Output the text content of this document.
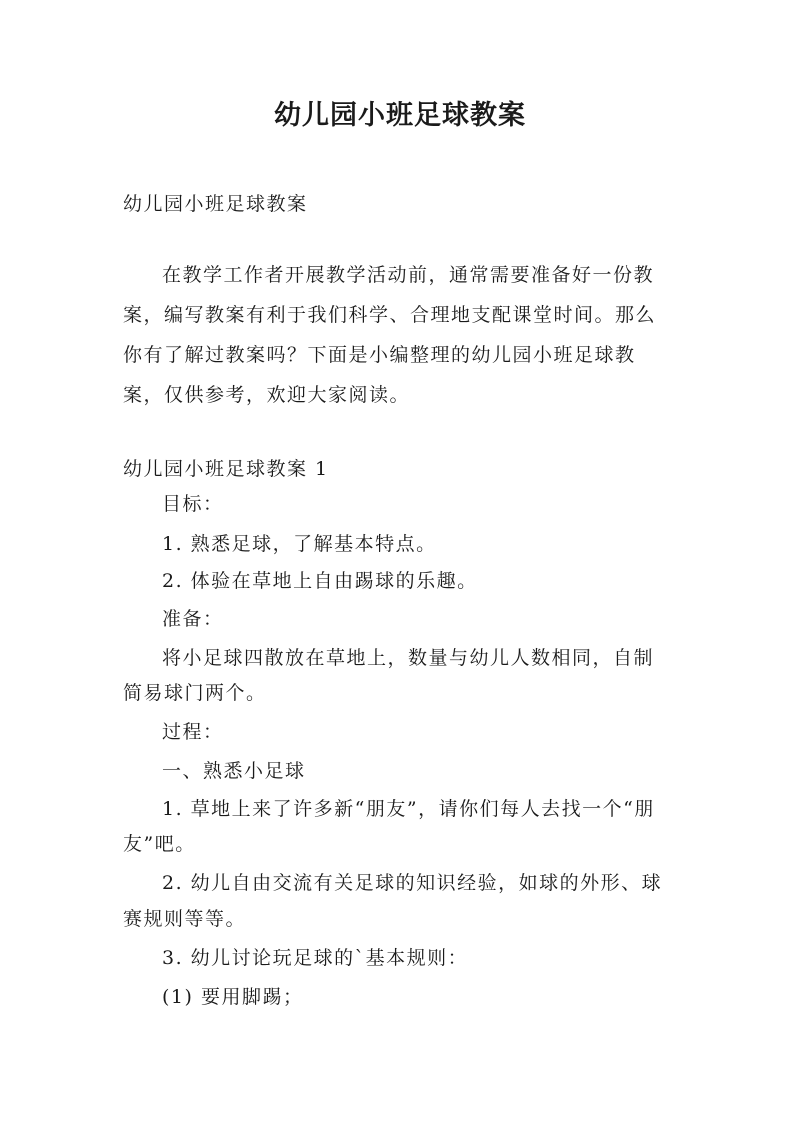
幼儿园小班足球教案

幼儿园小班足球教案

在教学工作者开展教学活动前，通常需要准备好一份教

案，编写教案有利于我们科学、合理地支配课堂时间。那么

你有了解过教案吗？下面是小编整理的幼儿园小班足球教

案，仅供参考，欢迎大家阅读。

幼儿园小班足球教案 1

目标：

1. 熟悉足球，了解基本特点。

2. 体验在草地上自由踢球的乐趣。

准备：

将小足球四散放在草地上，数量与幼儿人数相同，自制

简易球门两个。

过程：

一、熟悉小足球

1. 草地上来了许多新“朋友”，请你们每人去找一个“朋

友”吧。

2. 幼儿自由交流有关足球的知识经验，如球的外形、球

赛规则等等。

3. 幼儿讨论玩足球的`基本规则：

(1) 要用脚踢；
